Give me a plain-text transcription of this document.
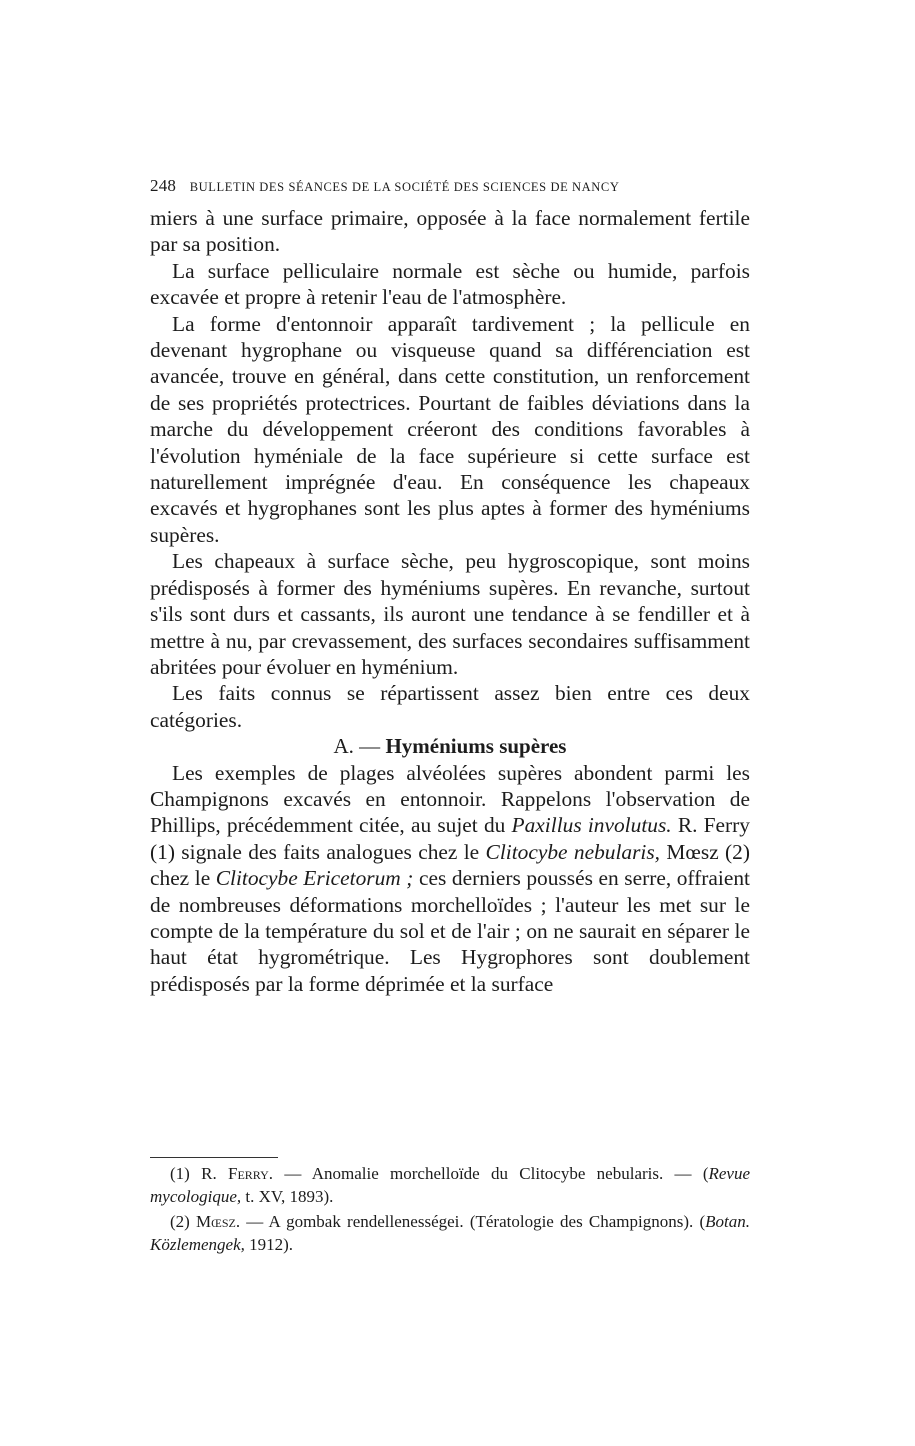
248 BULLETIN DES SÉANCES DE LA SOCIÉTÉ DES SCIENCES DE NANCY

miers à une surface primaire, opposée à la face normalement fertile par sa position.

La surface pelliculaire normale est sèche ou humide, parfois excavée et propre à retenir l'eau de l'atmosphère.

La forme d'entonnoir apparaît tardivement ; la pellicule en devenant hygrophane ou visqueuse quand sa différenciation est avancée, trouve en général, dans cette constitution, un renforcement de ses propriétés protectrices. Pourtant de faibles déviations dans la marche du développement créeront des conditions favorables à l'évolution hyméniale de la face supérieure si cette surface est naturellement imprégnée d'eau. En conséquence les chapeaux excavés et hygrophanes sont les plus aptes à former des hyméniums supères.

Les chapeaux à surface sèche, peu hygroscopique, sont moins prédisposés à former des hyméniums supères. En revanche, surtout s'ils sont durs et cassants, ils auront une tendance à se fendiller et à mettre à nu, par crevassement, des surfaces secondaires suffisamment abritées pour évoluer en hyménium.

Les faits connus se répartissent assez bien entre ces deux catégories.

A. — Hyméniums supères

Les exemples de plages alvéolées supères abondent parmi les Champignons excavés en entonnoir. Rappelons l'observation de Phillips, précédemment citée, au sujet du Paxillus involutus. R. Ferry (1) signale des faits analogues chez le Clitocybe nebularis, Mœsz (2) chez le Clitocybe Ericetorum ; ces derniers poussés en serre, offraient de nombreuses déformations morchelloïdes ; l'auteur les met sur le compte de la température du sol et de l'air ; on ne saurait en séparer le haut état hygrométrique. Les Hygrophores sont doublement prédisposés par la forme déprimée et la surface

(1) R. Ferry. — Anomalie morchelloïde du Clitocybe nebularis. — (Revue mycologique, t. XV, 1893).

(2) Mœsz. — A gombak rendellenességei. (Tératologie des Champignons). (Botan. Közlemengek, 1912).
